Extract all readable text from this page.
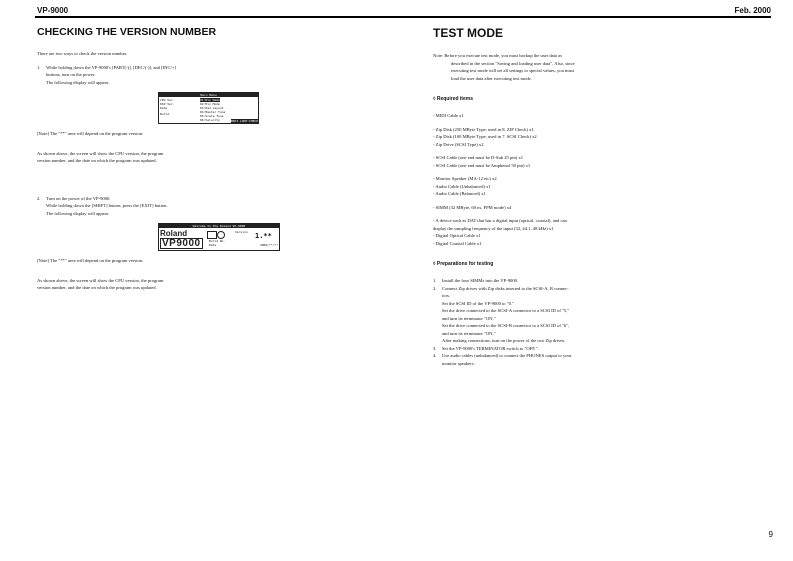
VP-9000	Feb. 2000
CHECKING THE VERSION NUMBER

There are two ways to check the version number.

1. While holding down the VP-9000's [PART(-)], [DEC/(-)], and [INC/+]

buttons, turn on the power.

The following display will appear.

Main Menu
CPU Ver.
DSP Ver.
Date
Build
01:Mix Name
02:Mix Mode
03:Pad Layout
04:Master Tune
05:Scale Tune
06:Velocity	MIDI LOOP:CHECK

[Note] The "**" area will depend on the program version.

As shown above, the screen will show the CPU version, the program

version number, and the date on which the program was updated.

2. Turn on the power of the VP-9000.

While holding down the [SHIFT] button, press the [EXIT] button.

The following display will appear.

Welcome to the Roland VP-9000
Roland
VP9000
Version 1.**
Build No.
Date	2000/**/**

[Note] The "**" area will depend on the program version.

As shown above, the screen will show the CPU version, the program

version number, and the date on which the program was updated.

TEST MODE

Note: Before you execute test mode, you must backup the user data as

described in the section "Saving and loading user data". Also, since

executing test mode will set all settings to special values, you must

load the user data after executing test mode.

◊ Required items

- MIDI Cable x1

- Zip Disk (250 MByte Type; used in 8. ZIP Check) x1

- Zip Disk (100 MByte Type; used in 7. SCSI Check) x2

- Zip Drive (SCSI Type) x2

- SCSI Cable (one end must be D-Sub 25 pin) x1

- SCSI Cable (one end must be Amphenol 50 pin) x1

- Monitor Speaker (MA-12 etc) x2

- Audio Cable (Unbalanced) x1

- Audio Cable (Balanced) x1

- SIMM (32 MByte, 60 ns, FPM mode) x4

- A device such as DAT that has a digital input (optical, coaxial), and can

display the sampling frequency of the input (32, 44.1, 48 kHz) x1

- Digital Optical Cable x1

- Digital Coaxial Cable x1

◊ Preparations for testing

1. Install the four SIMMs into the VP-9000.

2. Connect Zip drives with Zip disks inserted to the SCSI-A, B connec-

tors.

Set the SCSI ID of the VP-9000 to "0."

Set the drive connected to the SCSI-A connector to a SCSI ID of "5,"

and turn its terminator "ON."

Set the drive connected to the SCSI-B connector to a SCSI ID of "6",

and turn its terminator "ON."

After making connections, turn on the power of the two Zip drives.

3. Set the VP-9000's TERMINATOR switch to "OFF."

4. Use audio cables (unbalanced) to connect the PHONES output to your

monitor speakers.

9
